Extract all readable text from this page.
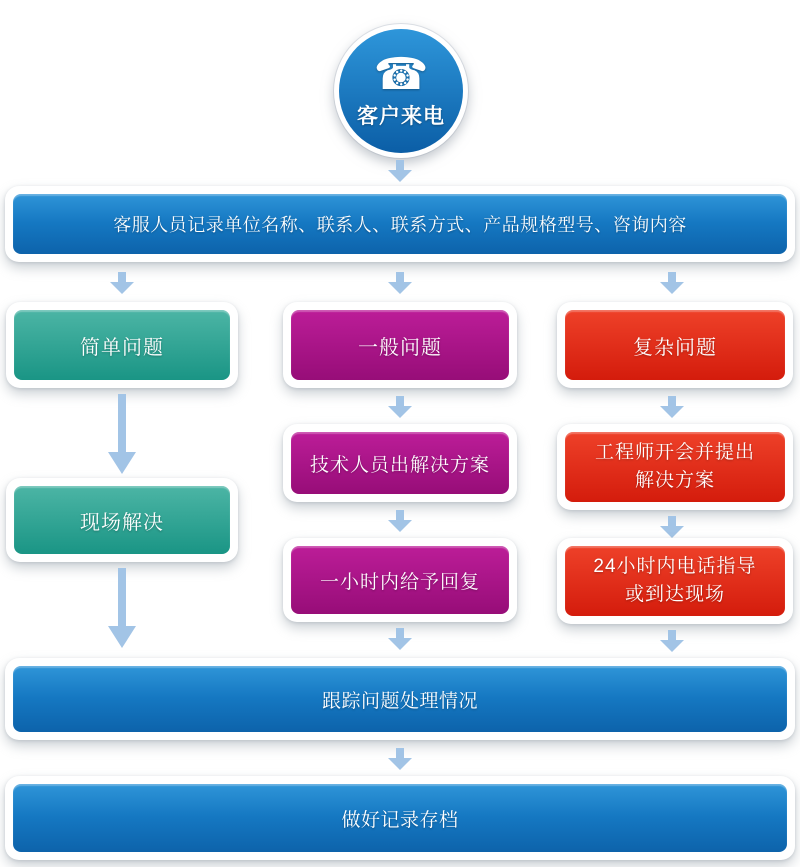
☎
客户来电
客服人员记录单位名称、联系人、联系方式、产品规格型号、咨询内容
简单问题	一般问题	复杂问题
现场解决
技术人员出解决方案
一小时内给予回复
工程师开会并提出
解决方案
24小时内电话指导
或到达现场
跟踪问题处理情况
做好记录存档
